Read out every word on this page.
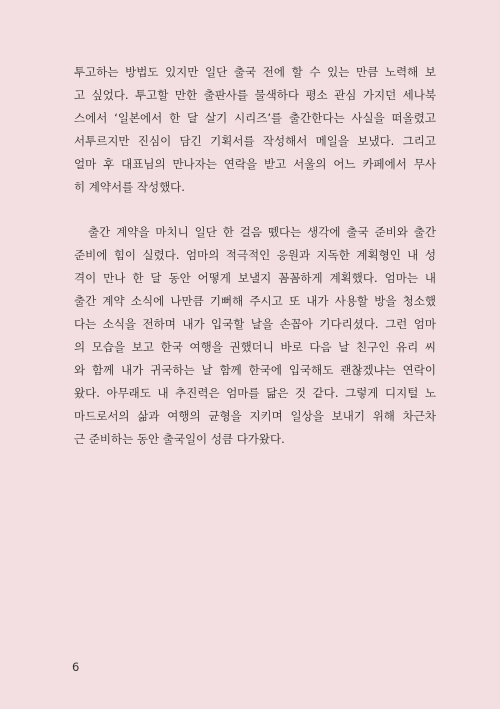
투고하는 방법도 있지만 일단 출국 전에 할 수 있는 만큼 노력해 보
고 싶었다. 투고할 만한 출판사를 물색하다 평소 관심 가지던 세나북
스에서 ‘일본에서 한 달 살기 시리즈’를 출간한다는 사실을 떠올렸고
서투르지만 진심이 담긴 기획서를 작성해서 메일을 보냈다. 그리고
얼마 후 대표님의 만나자는 연락을 받고 서울의 어느 카페에서 무사
히 계약서를 작성했다.
출간 계약을 마치니 일단 한 걸음 뗐다는 생각에 출국 준비와 출간
준비에 힘이 실렸다. 엄마의 적극적인 응원과 지독한 계획형인 내 성
격이 만나 한 달 동안 어떻게 보낼지 꼼꼼하게 계획했다. 엄마는 내
출간 계약 소식에 나만큼 기뻐해 주시고 또 내가 사용할 방을 청소했
다는 소식을 전하며 내가 입국할 날을 손꼽아 기다리셨다. 그런 엄마
의 모습을 보고 한국 여행을 권했더니 바로 다음 날 친구인 유리 씨
와 함께 내가 귀국하는 날 함께 한국에 입국해도 괜찮겠냐는 연락이
왔다. 아무래도 내 추진력은 엄마를 닮은 것 같다. 그렇게 디지털 노
마드로서의 삶과 여행의 균형을 지키며 일상을 보내기 위해 차근차
근 준비하는 동안 출국일이 성큼 다가왔다.
6
